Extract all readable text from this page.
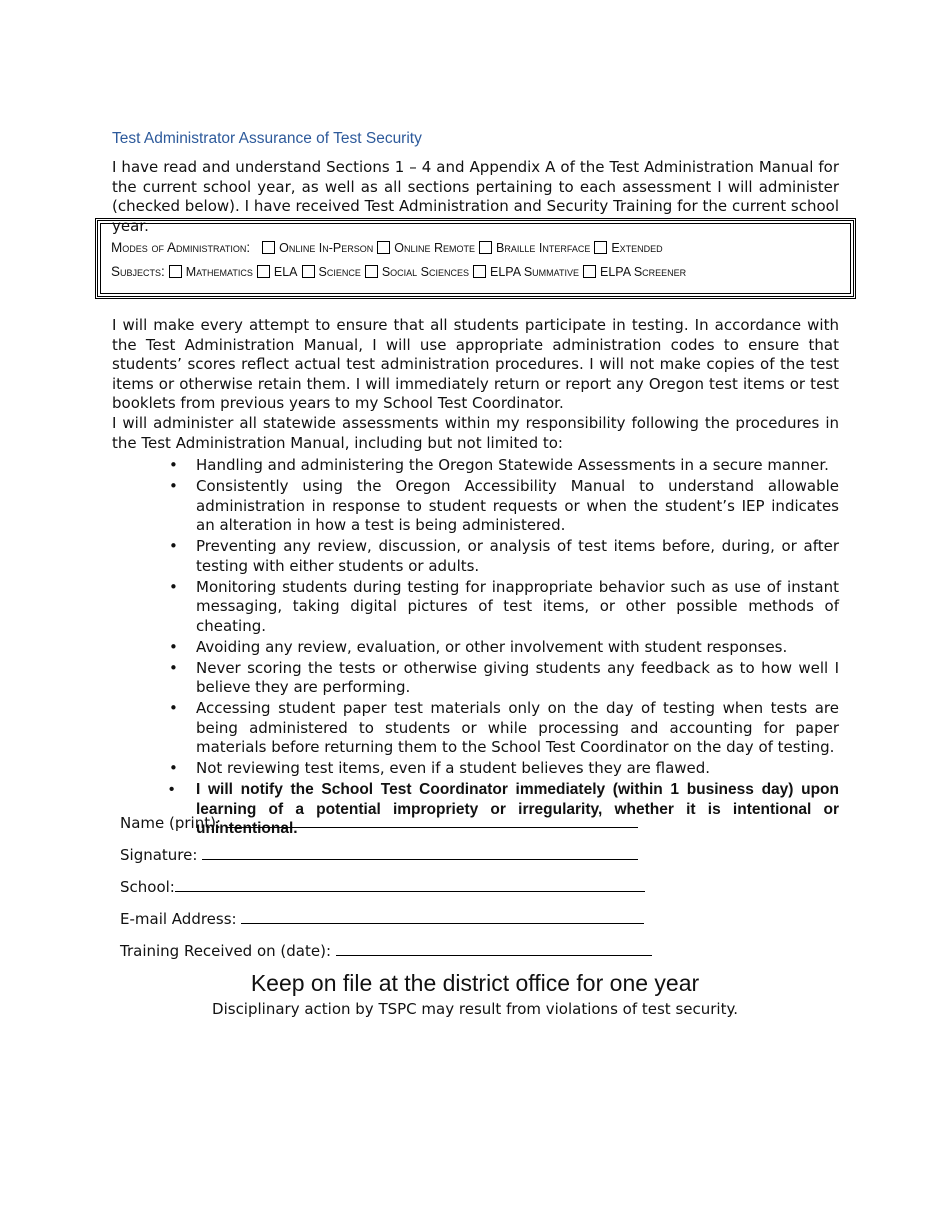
Test Administrator Assurance of Test Security

I have read and understand Sections 1 – 4 and Appendix A of the Test Administration Manual for the current school year, as well as all sections pertaining to each assessment I will administer (checked below). I have received Test Administration and Security Training for the current school year.

Modes of Administration: Online In-Person Online Remote Braille Interface Extended
Subjects: Mathematics ELA Science Social Sciences ELPA Summative ELPA Screener

I will make every attempt to ensure that all students participate in testing. In accordance with the Test Administration Manual, I will use appropriate administration codes to ensure that students’ scores reflect actual test administration procedures. I will not make copies of the test items or otherwise retain them. I will immediately return or report any Oregon test items or test booklets from previous years to my School Test Coordinator.

I will administer all statewide assessments within my responsibility following the procedures in the Test Administration Manual, including but not limited to:

• Handling and administering the Oregon Statewide Assessments in a secure manner.
• Consistently using the Oregon Accessibility Manual to understand allowable administration in response to student requests or when the student’s IEP indicates an alteration in how a test is being administered.
• Preventing any review, discussion, or analysis of test items before, during, or after testing with either students or adults.
• Monitoring students during testing for inappropriate behavior such as use of instant messaging, taking digital pictures of test items, or other possible methods of cheating.
• Avoiding any review, evaluation, or other involvement with student responses.
• Never scoring the tests or otherwise giving students any feedback as to how well I believe they are performing.
• Accessing student paper test materials only on the day of testing when tests are being administered to students or while processing and accounting for paper materials before returning them to the School Test Coordinator on the day of testing.
• Not reviewing test items, even if a student believes they are flawed.
• I will notify the School Test Coordinator immediately (within 1 business day) upon learning of a potential impropriety or irregularity, whether it is intentional or unintentional.
Name (print):
Signature:
School:
E-mail Address:
Training Received on (date):
Keep on file at the district office for one year

Disciplinary action by TSPC may result from violations of test security.
